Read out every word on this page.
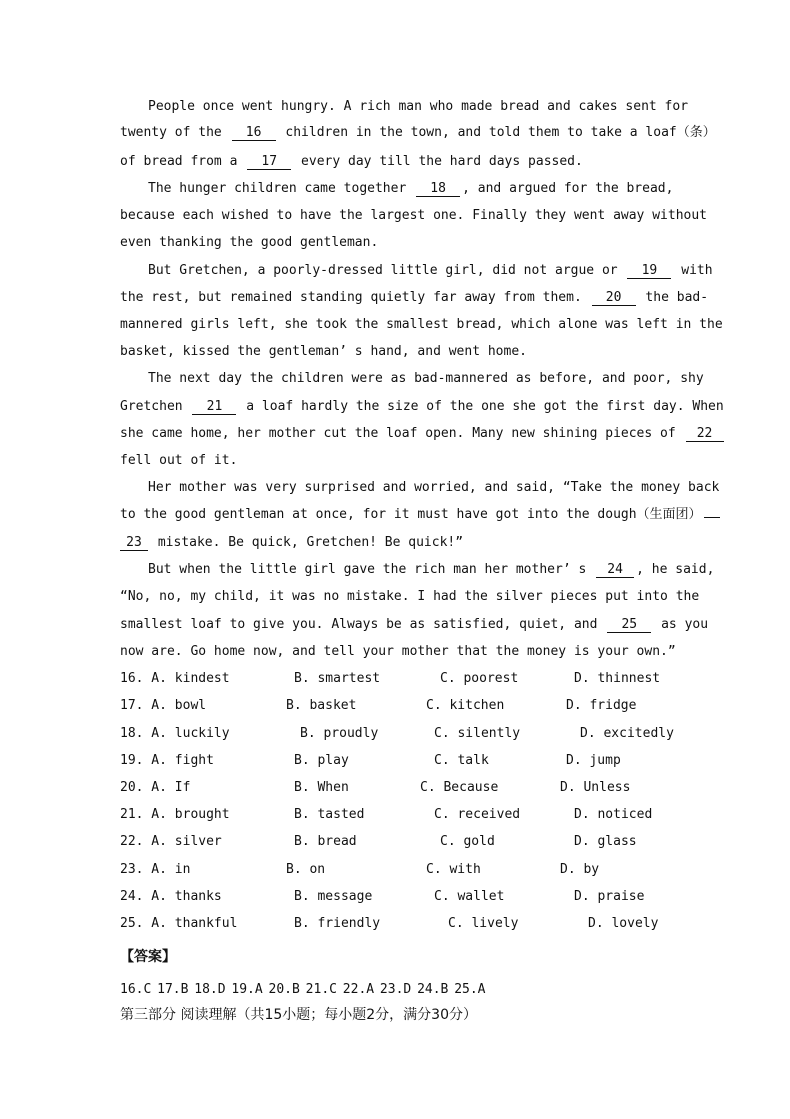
People once went hungry. A rich man who made bread and cakes sent for
twenty of the 16 children in the town, and told them to take a loaf（条）
of bread from a 17 every day till the hard days passed.
The hunger children came together 18 , and argued for the bread,
because each wished to have the largest one. Finally they went away without
even thanking the good gentleman.
But Gretchen, a poorly-dressed little girl, did not argue or 19 with
the rest, but remained standing quietly far away from them. 20 the bad-
mannered girls left, she took the smallest bread, which alone was left in the
basket, kissed the gentleman’ s hand, and went home.
The next day the children were as bad-mannered as before, and poor, shy
Gretchen 21 a loaf hardly the size of the one she got the first day. When
she came home, her mother cut the loaf open. Many new shining pieces of 22
fell out of it.
Her mother was very surprised and worried, and said, “Take the money back
to the good gentleman at once, for it must have got into the dough（生面团）
23 mistake. Be quick, Gretchen! Be quick!”
But when the little girl gave the rich man her mother’ s 24 , he said,
“No, no, my child, it was no mistake. I had the silver pieces put into the
smallest loaf to give you. Always be as satisfied, quiet, and 25 as you
now are. Go home now, and tell your mother that the money is your own.”
16. A. kindest	B. smartest	C. poorest	D. thinnest
17. A. bowl	B. basket	C. kitchen	D. fridge
18. A. luckily	B. proudly	C. silently	D. excitedly
19. A. fight	B. play	C. talk	D. jump
20. A. If	B. When	C. Because	D. Unless
21. A. brought	B. tasted	C. received	D. noticed
22. A. silver	B. bread	C. gold	D. glass
23. A. in	B. on	C. with	D. by
24. A. thanks	B. message	C. wallet	D. praise
25. A. thankful	B. friendly	C. lively	D. lovely
【答案】
16.C 17.B 18.D 19.A 20.B 21.C 22.A 23.D 24.B 25.A
第三部分 阅读理解（共15小题；每小题2分，满分30分）
